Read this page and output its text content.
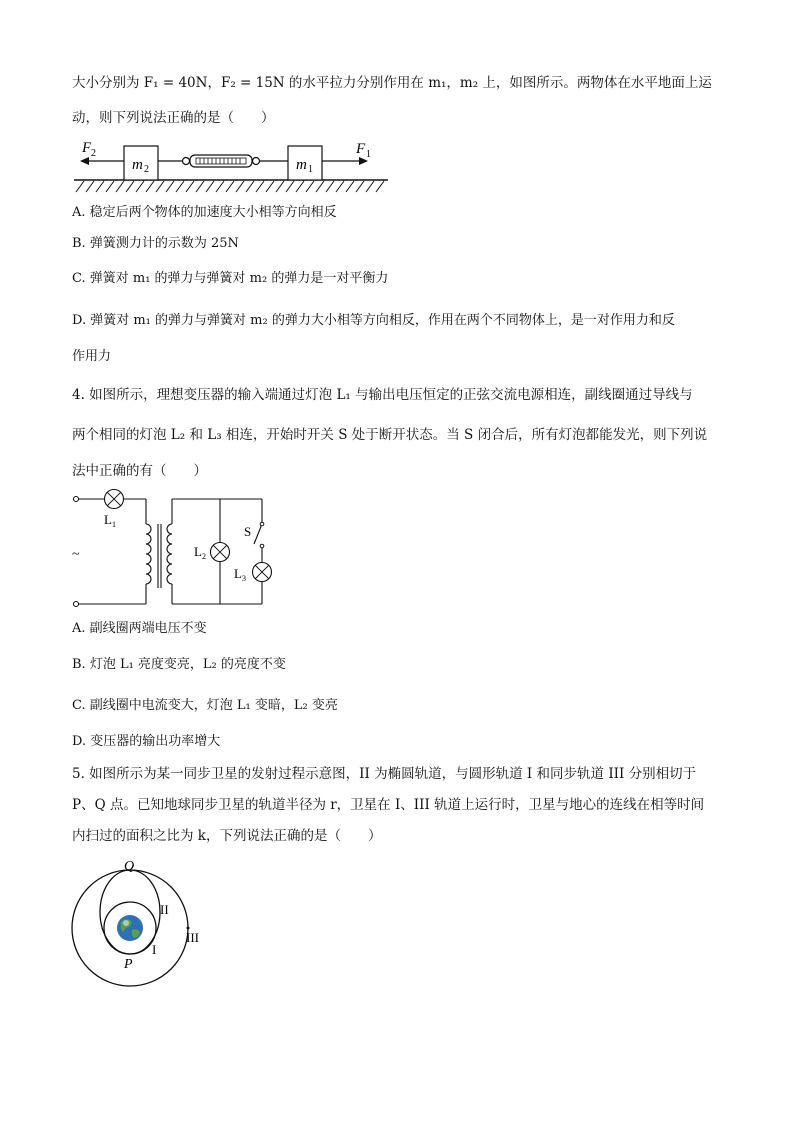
大小分别为 F₁ = 40N，F₂ = 15N 的水平拉力分别作用在 m₁，m₂ 上，如图所示。两物体在水平地面上运
动，则下列说法正确的是（　　）
m 2	m 1
F 2	F 1
A. 稳定后两个物体的加速度大小相等方向相反
B. 弹簧测力计的示数为 25N
C. 弹簧对 m₁ 的弹力与弹簧对 m₂ 的弹力是一对平衡力
D. 弹簧对 m₁ 的弹力与弹簧对 m₂ 的弹力大小相等方向相反，作用在两个不同物体上，是一对作用力和反
作用力
4. 如图所示，理想变压器的输入端通过灯泡 L₁ 与输出电压恒定的正弦交流电源相连，副线圈通过导线与
两个相同的灯泡 L₂ 和 L₃ 相连，开始时开关 S 处于断开状态。当 S 闭合后，所有灯泡都能发光，则下列说
法中正确的有（　　）
L 1
L 2
L 3
S
~
A. 副线圈两端电压不变
B. 灯泡 L₁ 亮度变亮，L₂ 的亮度不变
C. 副线圈中电流变大，灯泡 L₁ 变暗，L₂ 变亮
D. 变压器的输出功率增大
5. 如图所示为某一同步卫星的发射过程示意图，II 为椭圆轨道，与圆形轨道 I 和同步轨道 III 分别相切于
P、Q 点。已知地球同步卫星的轨道半径为 r，卫星在 I、III 轨道上运行时，卫星与地心的连线在相等时间
内扫过的面积之比为 k，下列说法正确的是（　　）
Q
P
I
II
III
